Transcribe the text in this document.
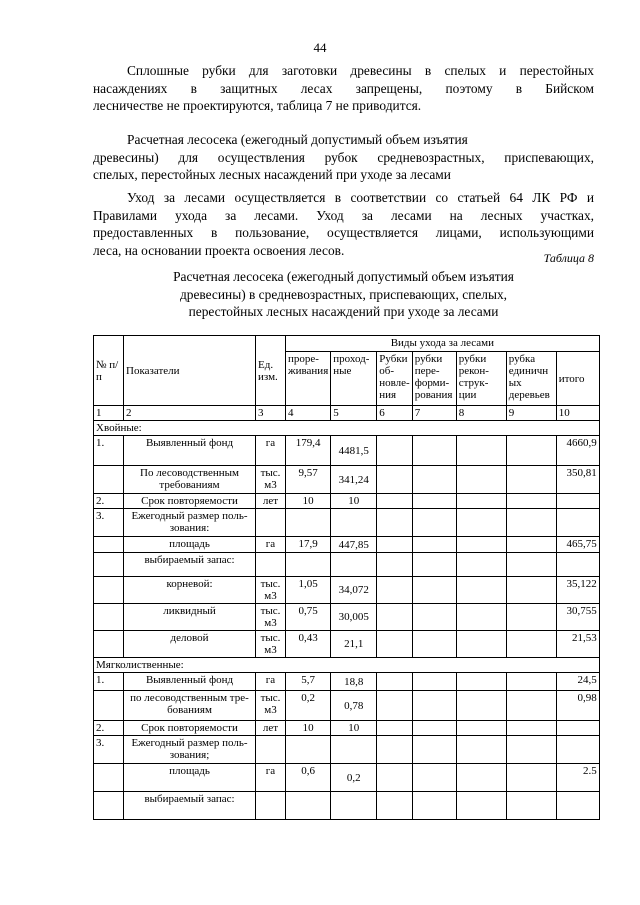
44
Сплошные рубки для заготовки древесины в спелых и перестойных
насаждениях в защитных лесах запрещены, поэтому в Бийском
лесничестве не проектируются, таблица 7 не приводится.
Расчетная лесосека (ежегодный допустимый объем изъятия
древесины) для осуществления рубок средневозрастных, приспевающих,
спелых, перестойных лесных насаждений при уходе за лесами
Уход за лесами осуществляется в соответствии со статьей 64 ЛК РФ и
Правилами ухода за лесами. Уход за лесами на лесных участках,
предоставленных в пользование, осуществляется лицами, использующими
леса, на основании проекта освоения лесов.
Таблица 8
Расчетная лесосека (ежегодный допустимый объем изъятия
древесины) в средневозрастных, приспевающих, спелых,
перестойных лесных насаждений при уходе за лесами
№ п/п	Показатели	Ед. изм.	Виды ухода за лесами						
			проре-живания	проход-ные	Рубки об-новле-ния	рубки пере-форми-рования	рубки рекон-струк-ции	рубка единичн ых деревьев	итого
1	2	3	4	5	6	7	8	9	10
Хвойные:									
1.	Выявленный фонд	га	179,4	4481,5					4660,9
	По лесоводственным требованиям	тыс. м3	9,57	341,24					350,81
2.	Срок повторяемости	лет	10	10					
3.	Ежегодный размер поль-зования:								
	площадь	га	17,9	447,85					465,75
	выбираемый запас:								
	корневой:	тыс. м3	1,05	34,072					35,122
	ликвидный	тыс. м3	0,75	30,005					30,755
	деловой	тыс. м3	0,43	21,1					21,53
Мягколиственные:									
1.	Выявленный фонд	га	5,7	18,8					24,5
	по лесоводственным тре-бованиям	тыс. м3	0,2	0,78					0,98
2.	Срок повторяемости	лет	10	10					
3.	Ежегодный размер поль-зования;								
	площадь	га	0,6	0,2					2.5
	выбираемый запас:								
